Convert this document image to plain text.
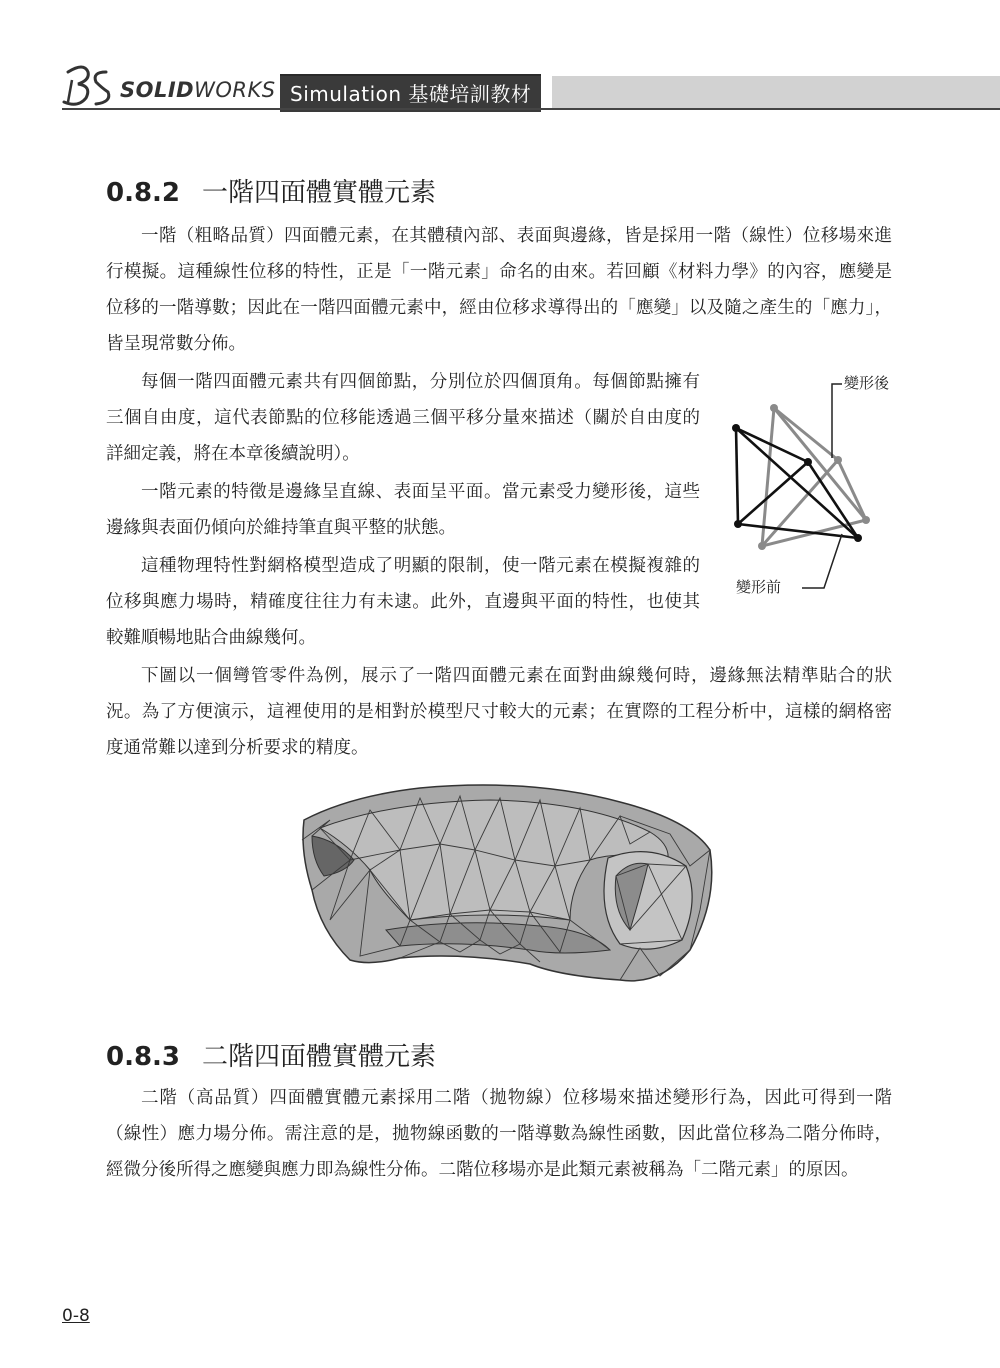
SOLIDWORKS Simulation 基礎培訓教材
0.8.2 一階四面體實體元素

一階（粗略品質）四面體元素，在其體積內部、表面與邊緣，皆是採用一階（線性）位移場來進行模擬。這種線性位移的特性，正是「一階元素」命名的由來。若回顧《材料力學》的內容，應變是位移的一階導數；因此在一階四面體元素中，經由位移求導得出的「應變」以及隨之產生的「應力」，皆呈現常數分佈。

每個一階四面體元素共有四個節點，分別位於四個頂角。每個節點擁有三個自由度，這代表節點的位移能透過三個平移分量來描述（關於自由度的詳細定義，將在本章後續說明）。

一階元素的特徵是邊緣呈直線、表面呈平面。當元素受力變形後，這些邊緣與表面仍傾向於維持筆直與平整的狀態。

這種物理特性對網格模型造成了明顯的限制，使一階元素在模擬複雜的位移與應力場時，精確度往往力有未逮。此外，直邊與平面的特性，也使其較難順暢地貼合曲線幾何。

下圖以一個彎管零件為例，展示了一階四面體元素在面對曲線幾何時，邊緣無法精準貼合的狀況。為了方便演示，這裡使用的是相對於模型尺寸較大的元素；在實際的工程分析中，這樣的網格密度通常難以達到分析要求的精度。

變形後
變形前
0.8.3 二階四面體實體元素

二階（高品質）四面體實體元素採用二階（拋物線）位移場來描述變形行為，因此可得到一階（線性）應力場分佈。需注意的是，拋物線函數的一階導數為線性函數，因此當位移為二階分佈時，經微分後所得之應變與應力即為線性分佈。二階位移場亦是此類元素被稱為「二階元素」的原因。

0-8
